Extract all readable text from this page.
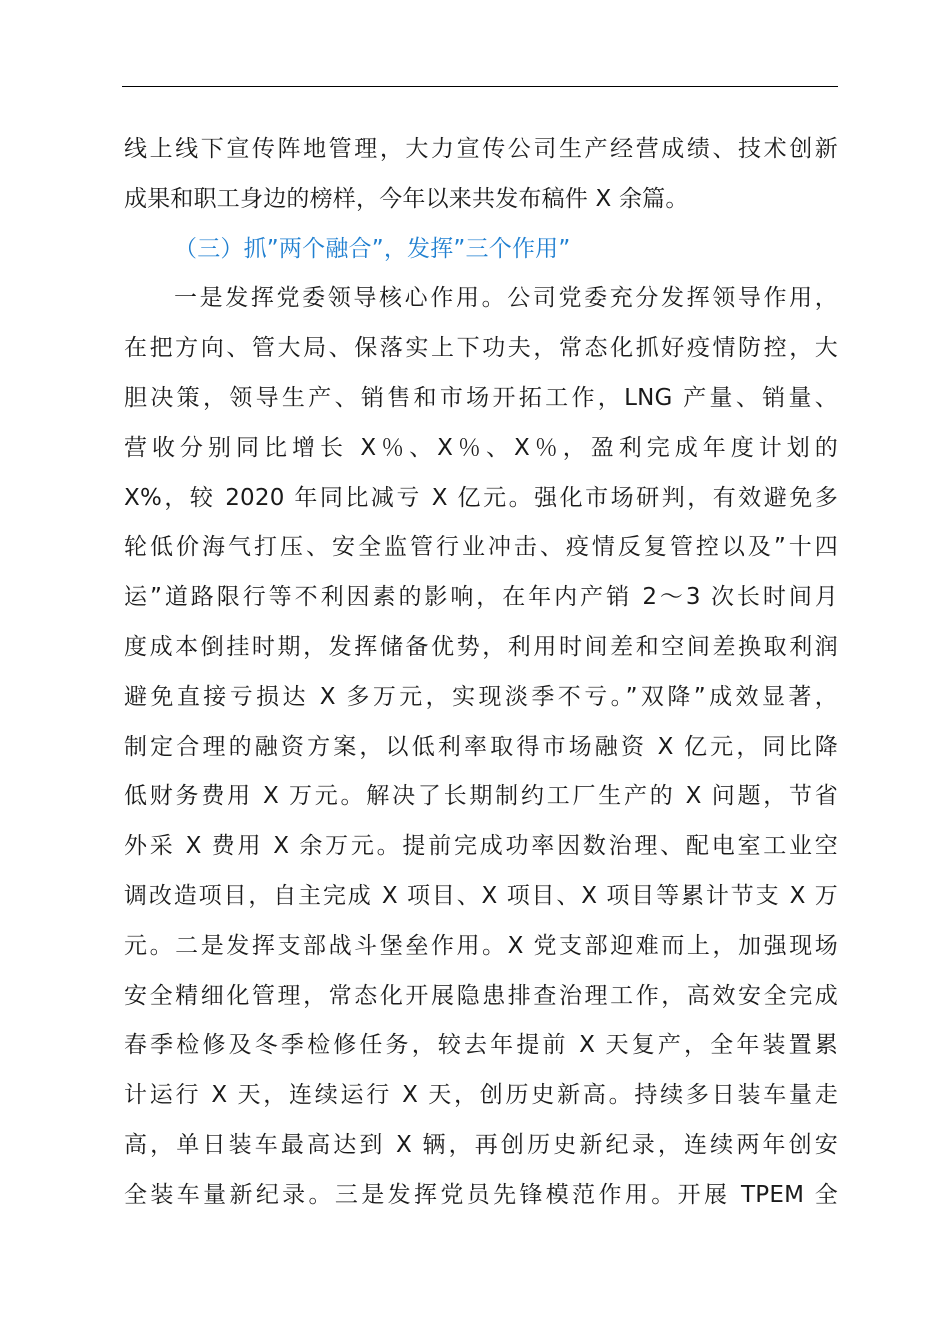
线上线下宣传阵地管理，大力宣传公司生产经营成绩、技术创新
成果和职工身边的榜样，今年以来共发布稿件 X 余篇。
（三）抓”两个融合”，发挥”三个作用”
一是发挥党委领导核心作用。公司党委充分发挥领导作用，
在把方向、管大局、保落实上下功夫，常态化抓好疫情防控，大
胆决策，领导生产、销售和市场开拓工作，LNG 产量、销量、
营收分别同比增长 X％、X％、X％，盈利完成年度计划的
X%，较 2020 年同比减亏 X 亿元。强化市场研判，有效避免多
轮低价海气打压、安全监管行业冲击、疫情反复管控以及”十四
运”道路限行等不利因素的影响，在年内产销 2～3 次长时间月
度成本倒挂时期，发挥储备优势，利用时间差和空间差换取利润
避免直接亏损达 X 多万元，实现淡季不亏。”双降”成效显著，
制定合理的融资方案，以低利率取得市场融资 X 亿元，同比降
低财务费用 X 万元。解决了长期制约工厂生产的 X 问题，节省
外采 X 费用 X 余万元。提前完成功率因数治理、配电室工业空
调改造项目，自主完成 X 项目、X 项目、X 项目等累计节支 X 万
元。二是发挥支部战斗堡垒作用。X 党支部迎难而上，加强现场
安全精细化管理，常态化开展隐患排查治理工作，高效安全完成
春季检修及冬季检修任务，较去年提前 X 天复产，全年装置累
计运行 X 天，连续运行 X 天，创历史新高。持续多日装车量走
高，单日装车最高达到 X 辆，再创历史新纪录，连续两年创安
全装车量新纪录。三是发挥党员先锋模范作用。开展 TPEM 全
